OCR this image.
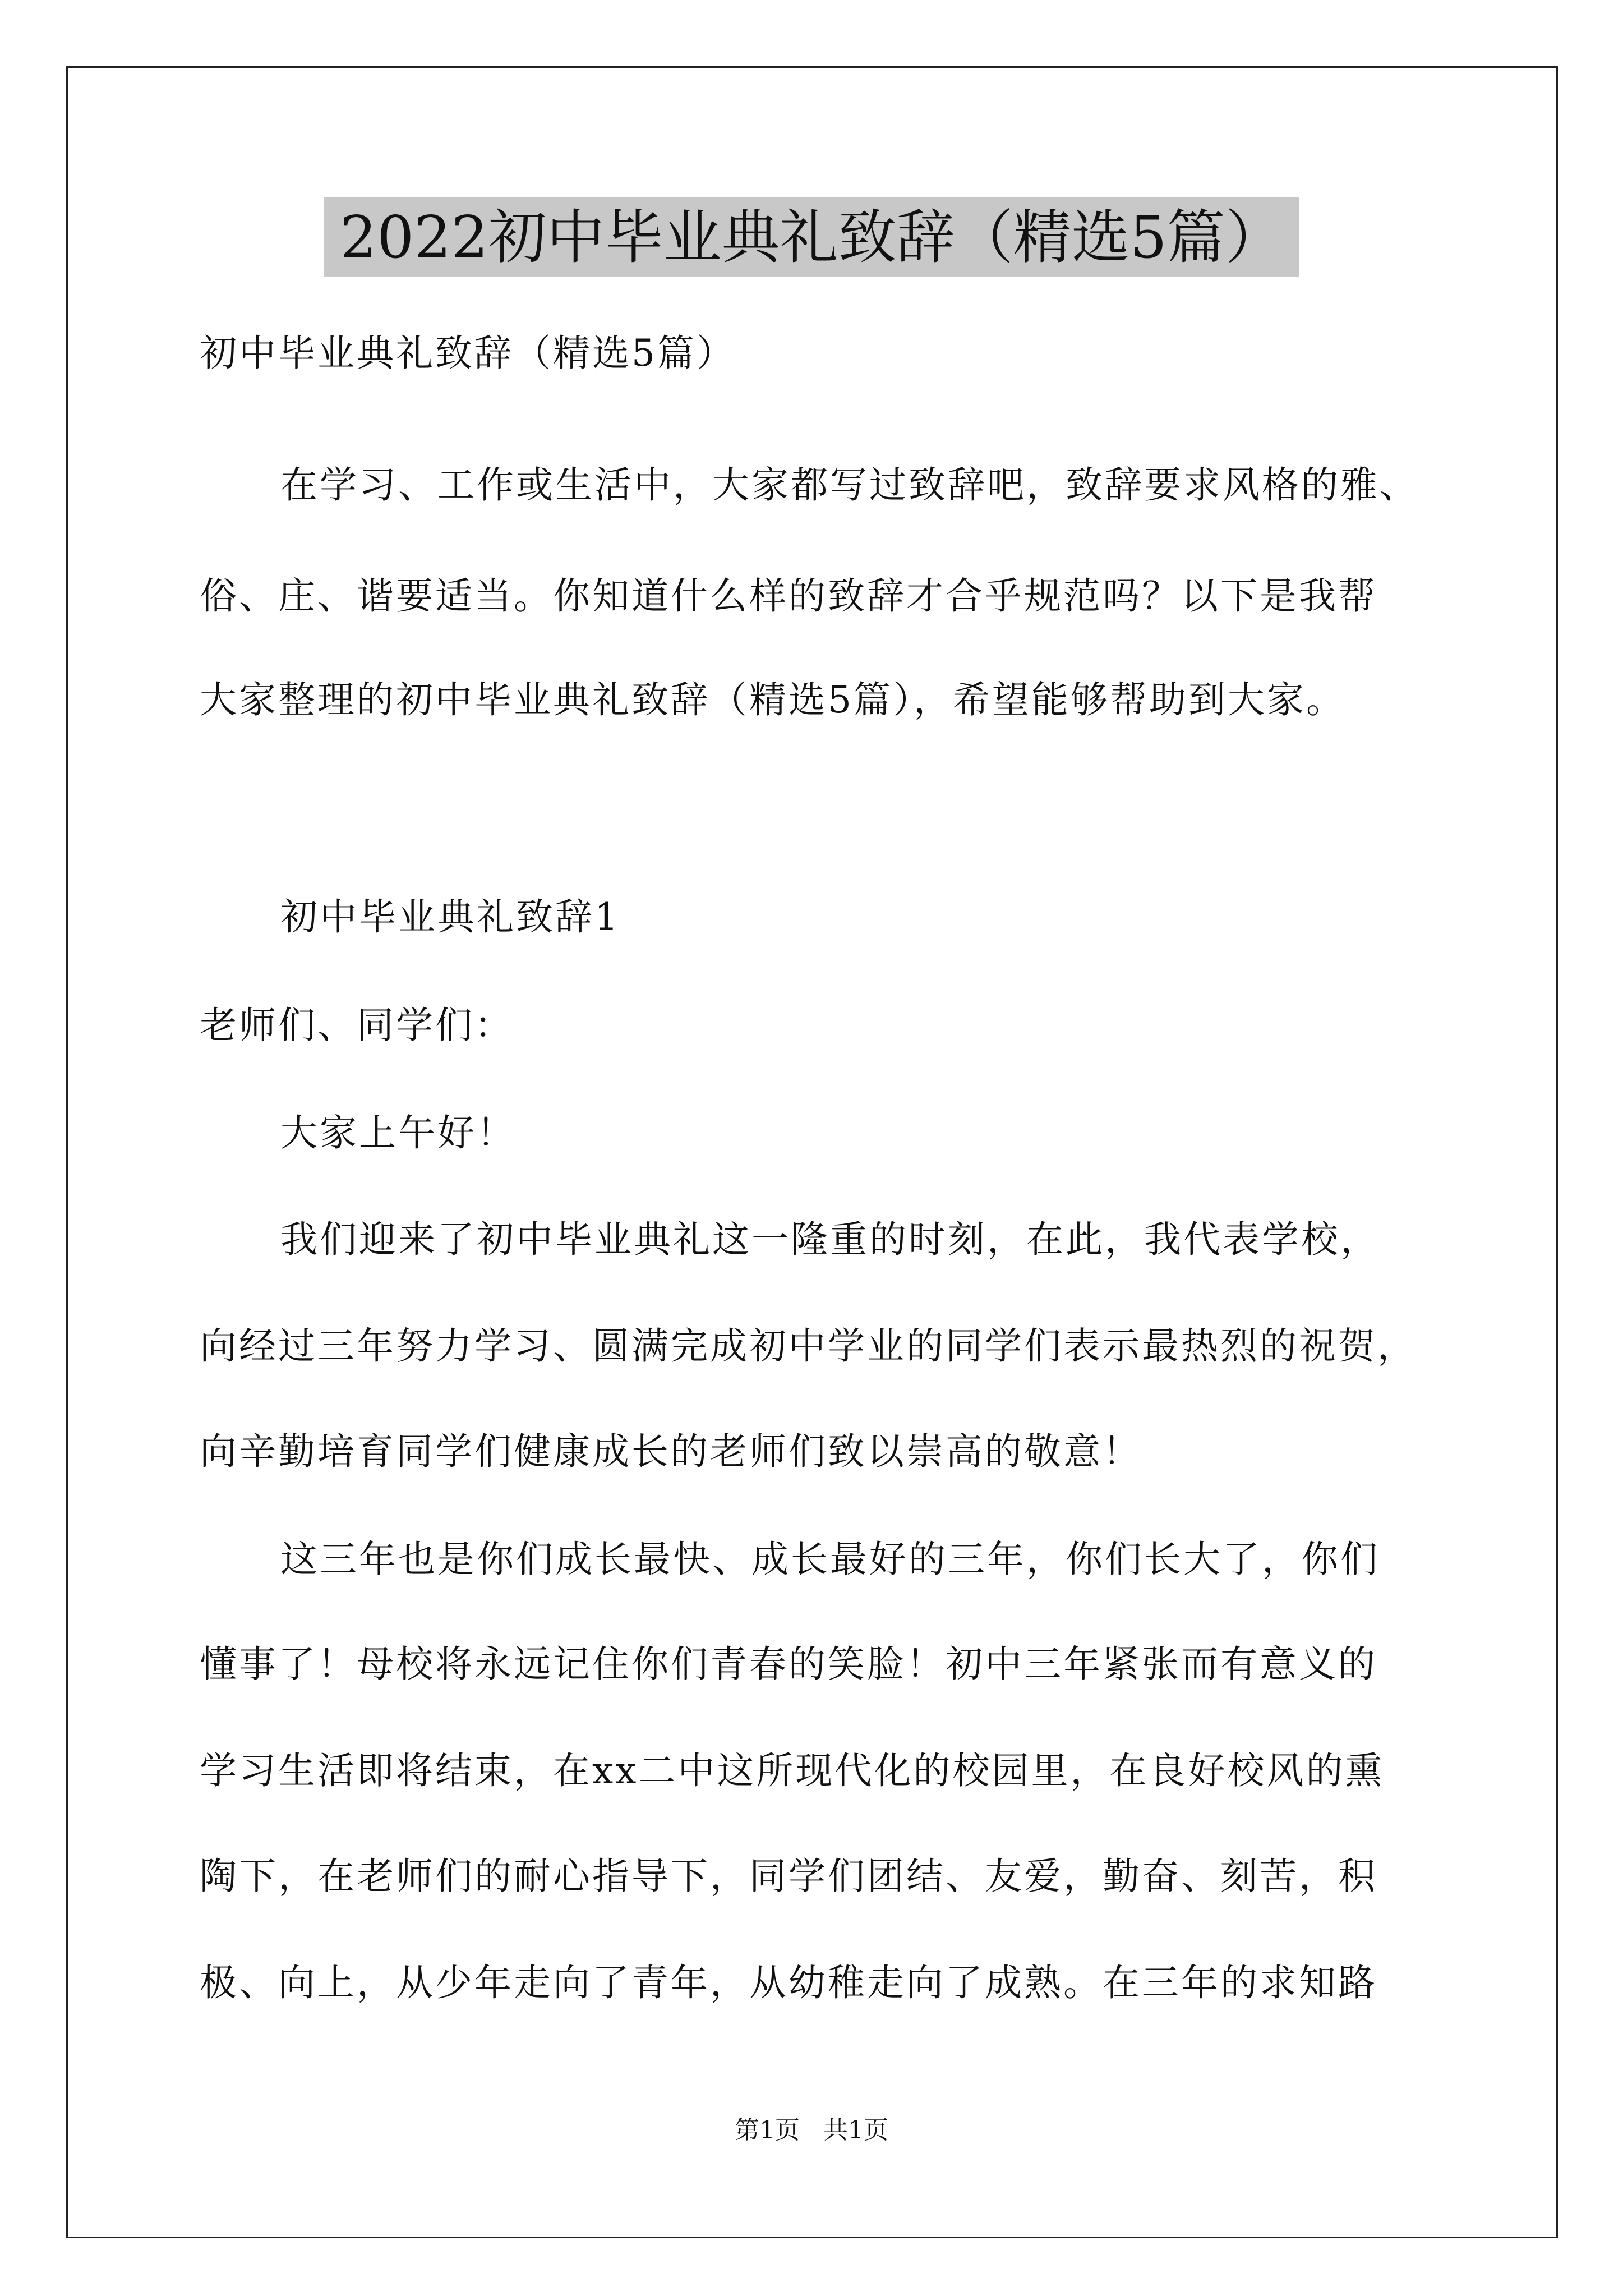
2022初中毕业典礼致辞（精选5篇）
初中毕业典礼致辞（精选5篇）
在学习、工作或生活中，大家都写过致辞吧，致辞要求风格的雅、
俗、庄、谐要适当。你知道什么样的致辞才合乎规范吗？以下是我帮
大家整理的初中毕业典礼致辞（精选5篇），希望能够帮助到大家。
初中毕业典礼致辞1
老师们、同学们：
大家上午好！
我们迎来了初中毕业典礼这一隆重的时刻，在此，我代表学校，
向经过三年努力学习、圆满完成初中学业的同学们表示最热烈的祝贺，
向辛勤培育同学们健康成长的老师们致以崇高的敬意！
这三年也是你们成长最快、成长最好的三年，你们长大了，你们
懂事了！母校将永远记住你们青春的笑脸！初中三年紧张而有意义的
学习生活即将结束，在xx二中这所现代化的校园里，在良好校风的熏
陶下，在老师们的耐心指导下，同学们团结、友爱，勤奋、刻苦，积
极、向上，从少年走向了青年，从幼稚走向了成熟。在三年的求知路
第1页 共1页
